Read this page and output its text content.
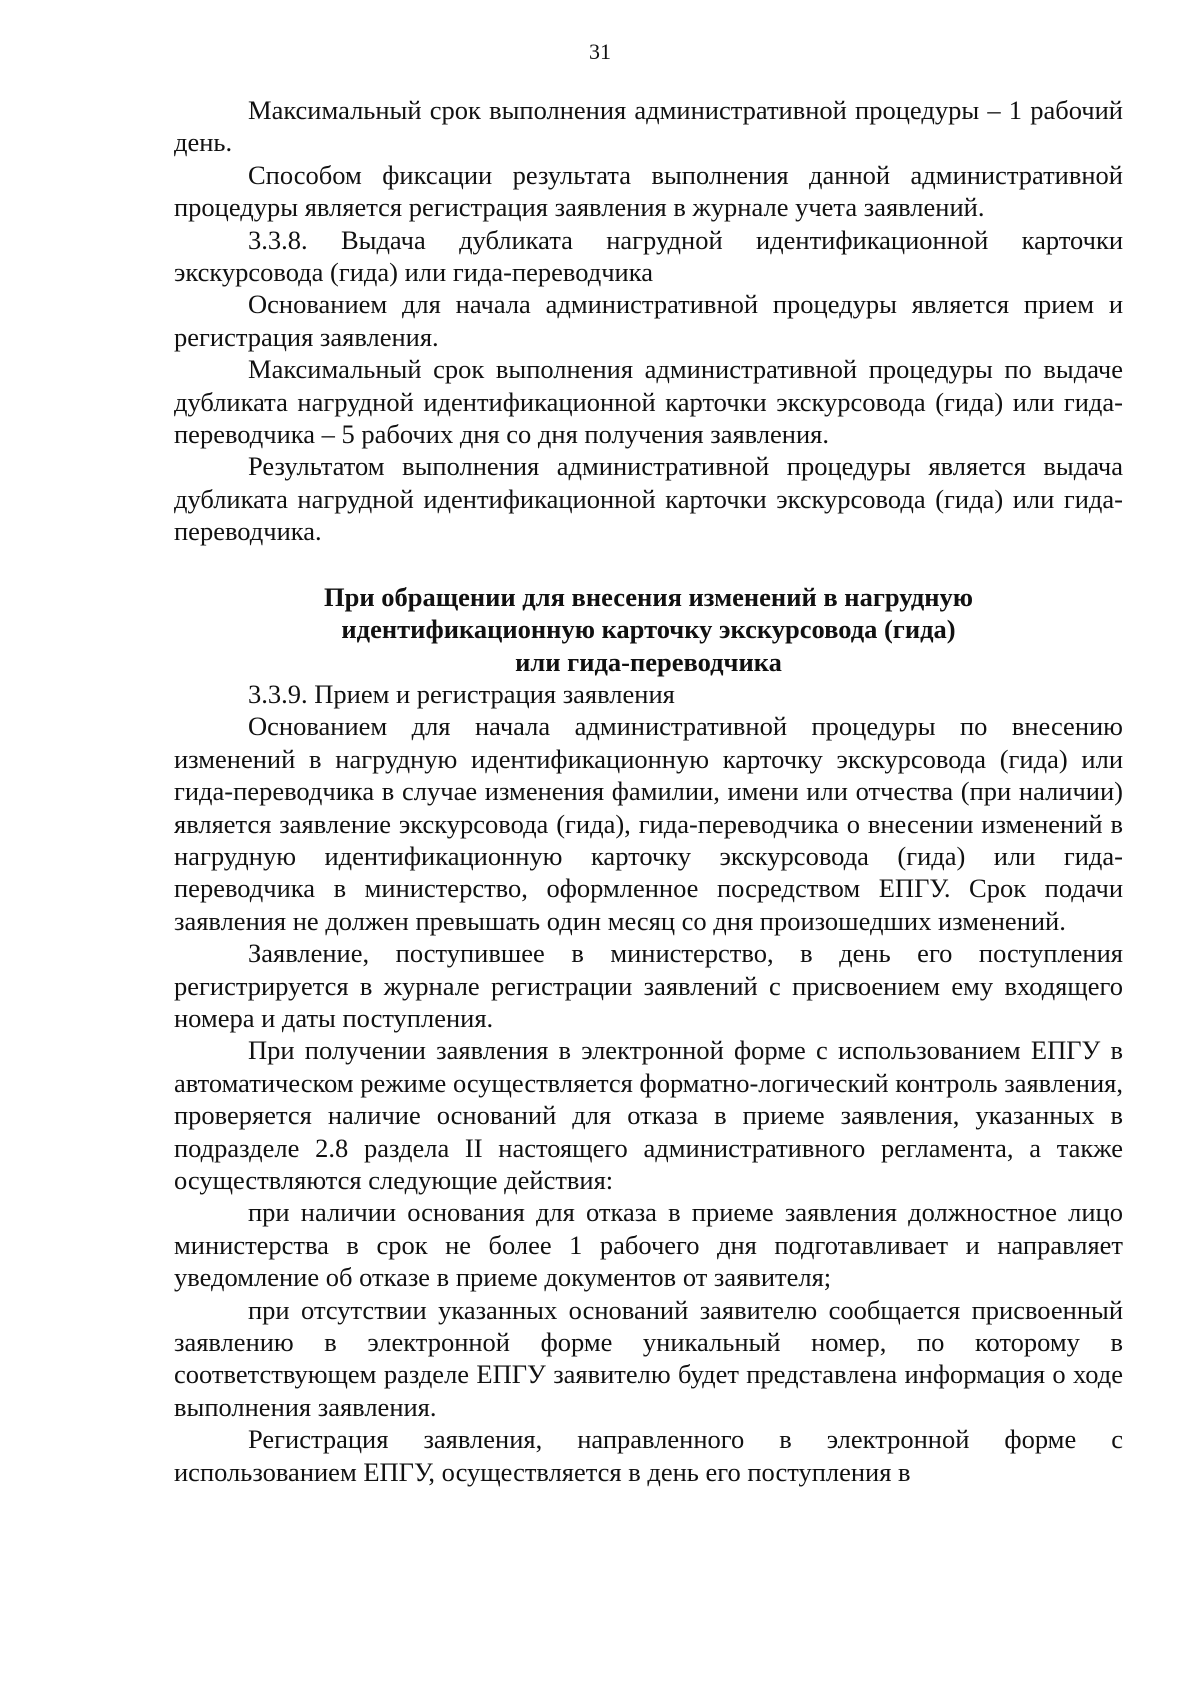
31

Максимальный срок выполнения административной процедуры – 1 рабочий день.

Способом фиксации результата выполнения данной административной процедуры является регистрация заявления в журнале учета заявлений.

3.3.8. Выдача дубликата нагрудной идентификационной карточки экскурсовода (гида) или гида-переводчика

Основанием для начала административной процедуры является прием и регистрация заявления.

Максимальный срок выполнения административной процедуры по выдаче дубликата нагрудной идентификационной карточки экскурсовода (гида) или гида-переводчика – 5 рабочих дня со дня получения заявления.

Результатом выполнения административной процедуры является выдача дубликата нагрудной идентификационной карточки экскурсовода (гида) или гида-переводчика.

При обращении для внесения изменений в нагрудную
идентификационную карточку экскурсовода (гида)
или гида-переводчика

3.3.9. Прием и регистрация заявления

Основанием для начала административной процедуры по внесению изменений в нагрудную идентификационную карточку экскурсовода (гида) или гида-переводчика в случае изменения фамилии, имени или отчества (при наличии) является заявление экскурсовода (гида), гида-переводчика о внесении изменений в нагрудную идентификационную карточку экскурсовода (гида) или гида-переводчика в министерство, оформленное посредством ЕПГУ. Срок подачи заявления не должен превышать один месяц со дня произошедших изменений.

Заявление, поступившее в министерство, в день его поступления регистрируется в журнале регистрации заявлений с присвоением ему входящего номера и даты поступления.

При получении заявления в электронной форме с использованием ЕПГУ в автоматическом режиме осуществляется форматно-логический контроль заявления, проверяется наличие оснований для отказа в приеме заявления, указанных в подразделе 2.8 раздела II настоящего административного регламента, а также осуществляются следующие действия:

при наличии основания для отказа в приеме заявления должностное лицо министерства в срок не более 1 рабочего дня подготавливает и направляет уведомление об отказе в приеме документов от заявителя;

при отсутствии указанных оснований заявителю сообщается присвоенный заявлению в электронной форме уникальный номер, по которому в соответствующем разделе ЕПГУ заявителю будет представлена информация о ходе выполнения заявления.

Регистрация заявления, направленного в электронной форме с использованием ЕПГУ, осуществляется в день его поступления в
